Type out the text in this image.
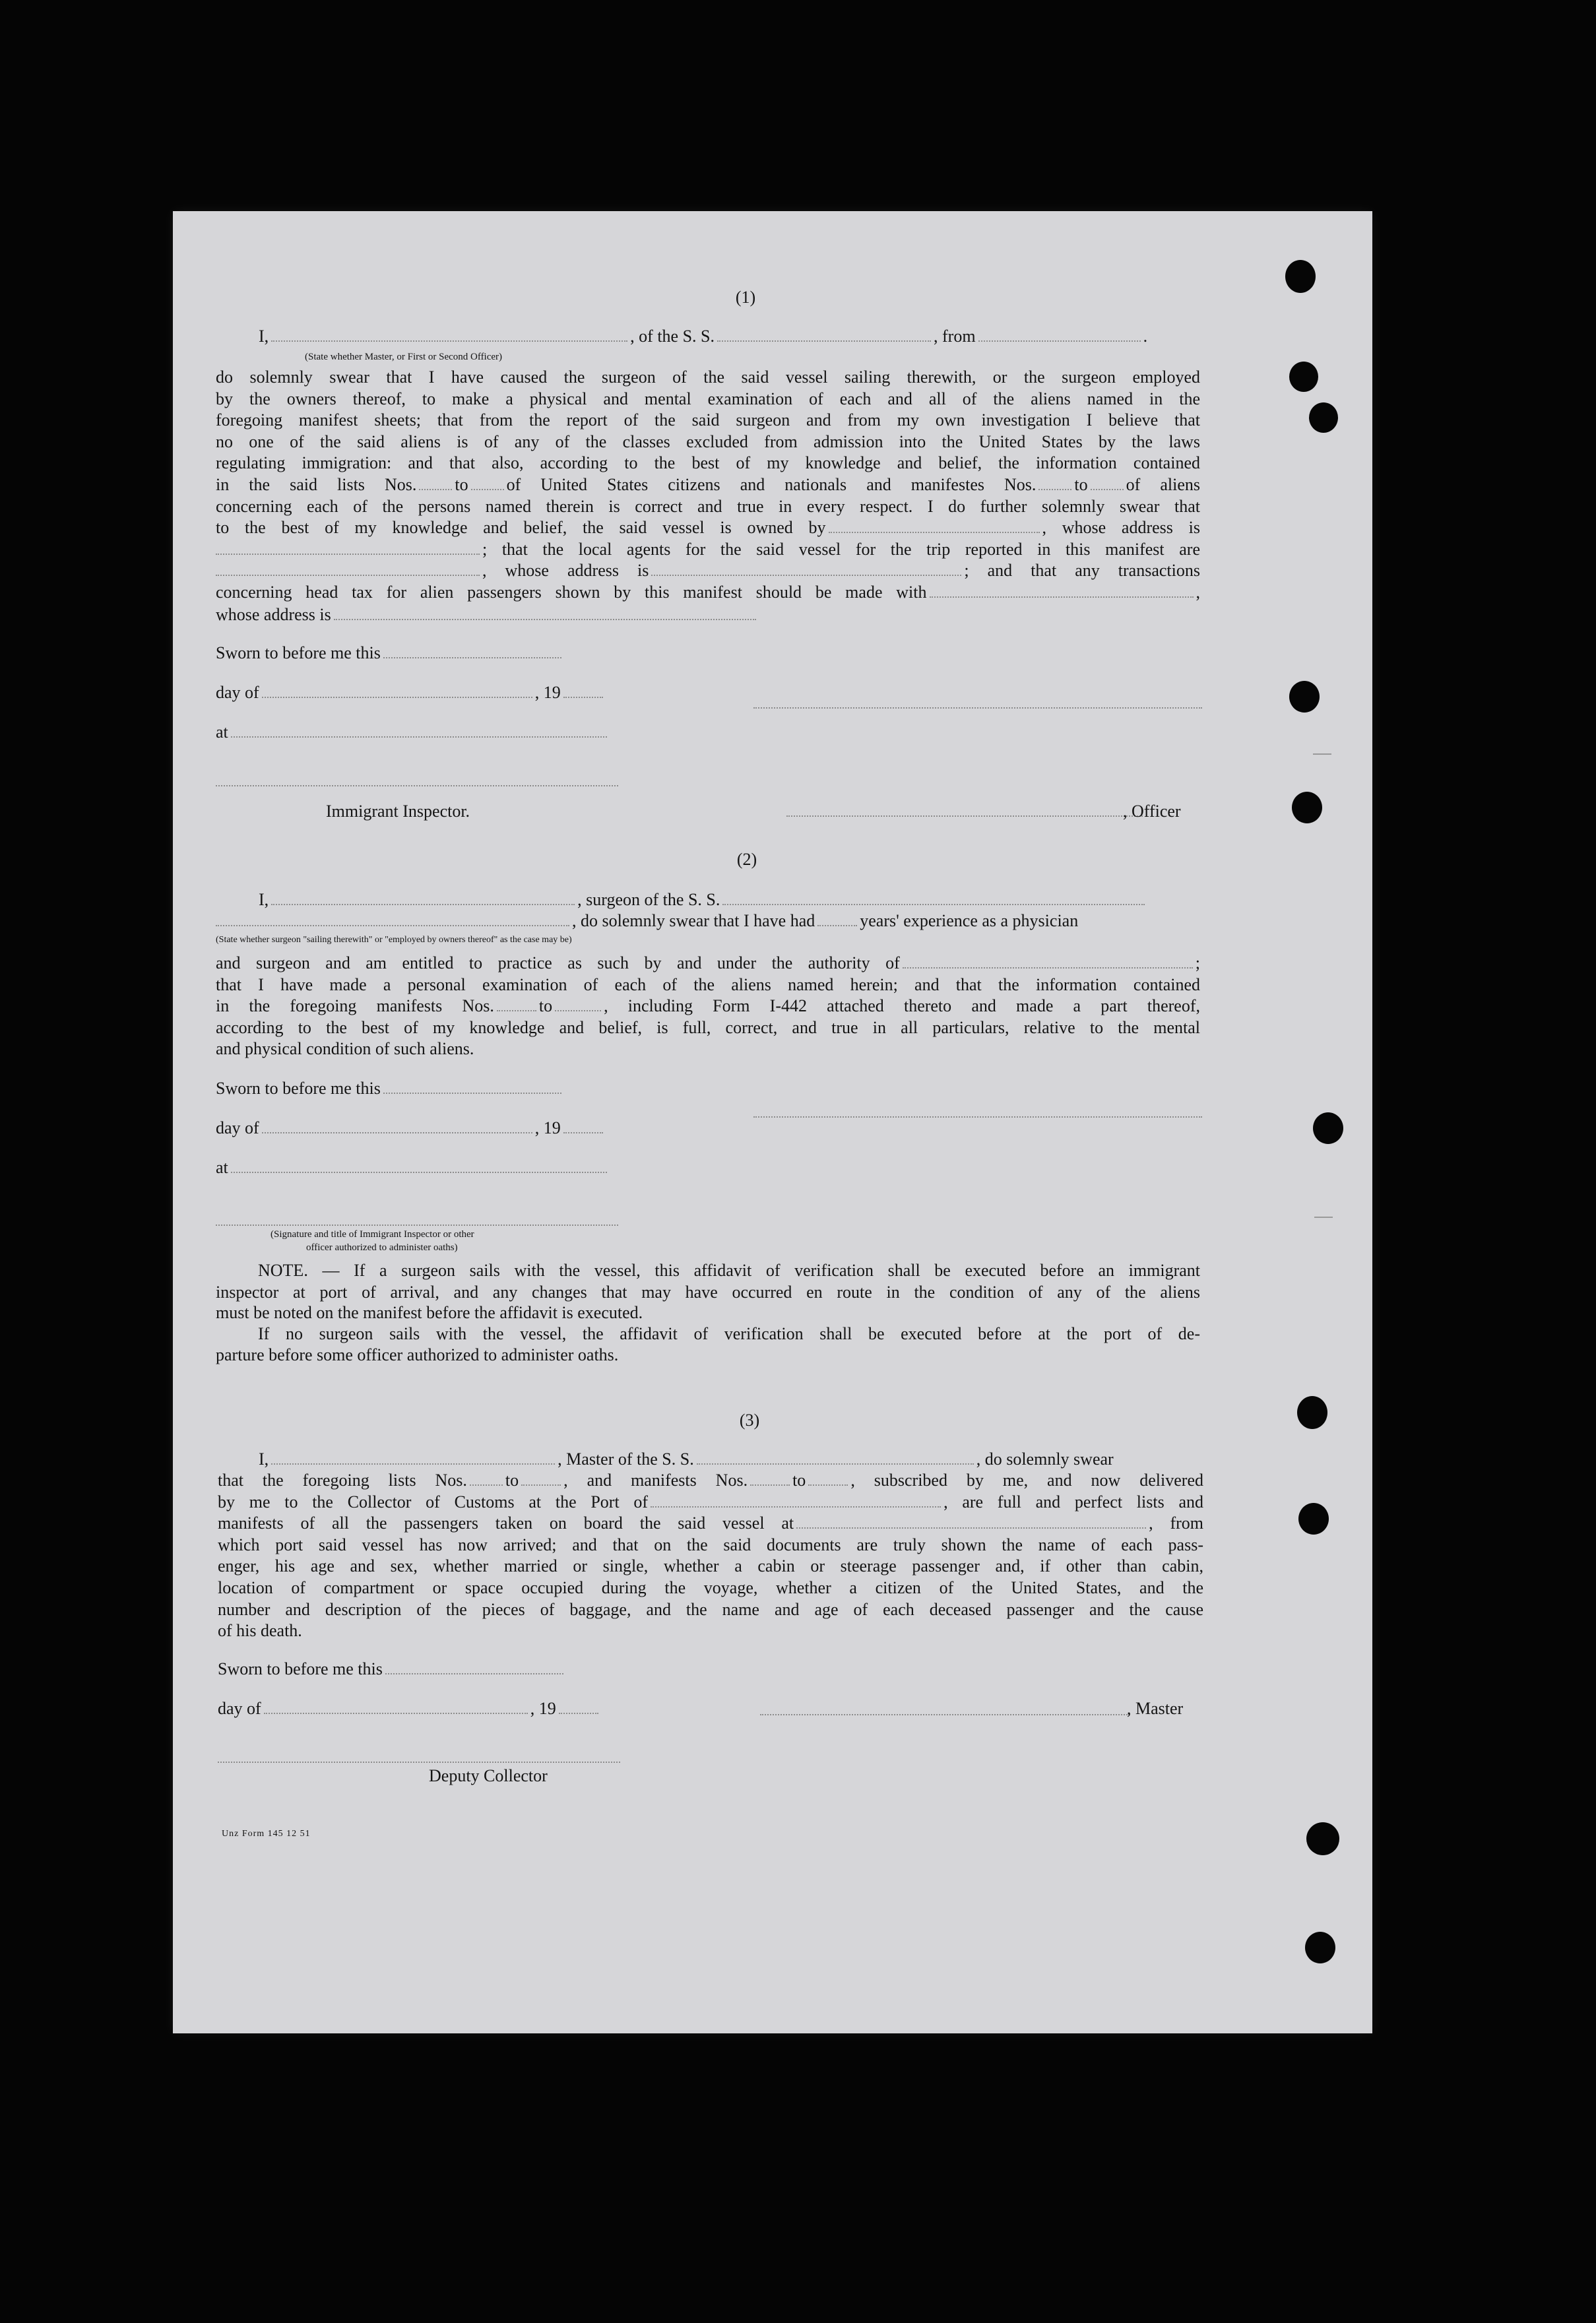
(1)
I,	, of the S. S.	, from	.
(State whether Master, or First or Second Officer)
do solemnly swear that I have caused the surgeon of the said vessel sailing therewith, or the surgeon employed
by the owners thereof, to make a physical and mental examination of each and all of the aliens named in the
foregoing manifest sheets; that from the report of the said surgeon and from my own investigation I believe that
no one of the said aliens is of any of the classes excluded from admission into the United States by the laws
regulating immigration: and that also, according to the best of my knowledge and belief, the information contained
in the said lists Nos. to of United States citizens and nationals and manifestes Nos. to of aliens
concerning each of the persons named therein is correct and true in every respect. I do further solemnly swear that
to the best of my knowledge and belief, the said vessel is owned by	, whose address is
; that the local agents for the said vessel for the trip reported in this manifest are
, whose address is	; and that any transactions
concerning head tax for alien passengers shown by this manifest should be made with	,
whose address is
Sworn to before me this
day of	, 19
at
Immigrant Inspector.	, Officer
(2)
I,	, surgeon of the S. S.
, do solemnly swear that I have had	years' experience as a physician
(State whether surgeon "sailing therewith" or "employed by owners thereof" as the case may be)
and surgeon and am entitled to practice as such by and under the authority of	;
that I have made a personal examination of each of the aliens named herein; and that the information contained
in the foregoing manifests Nos.	to	, including Form I-442 attached thereto and made a part thereof,
according to the best of my knowledge and belief, is full, correct, and true in all particulars, relative to the mental
and physical condition of such aliens.
Sworn to before me this
day of	, 19
at
(Signature and title of Immigrant Inspector or other
officer authorized to administer oaths)
NOTE. — If a surgeon sails with the vessel, this affidavit of verification shall be executed before an immigrant
inspector at port of arrival, and any changes that may have occurred en route in the condition of any of the aliens
must be noted on the manifest before the affidavit is executed.
If no surgeon sails with the vessel, the affidavit of verification shall be executed before at the port of de-
parture before some officer authorized to administer oaths.
(3)
I,	, Master of the S. S.	, do solemnly swear
that the foregoing lists Nos. to	, and manifests Nos.	to	, subscribed by me, and now delivered
by me to the Collector of Customs at the Port of	, are full and perfect lists and
manifests of all the passengers taken on board the said vessel at	, from
which port said vessel has now arrived; and that on the said documents are truly shown the name of each pass-
enger, his age and sex, whether married or single, whether a cabin or steerage passenger and, if other than cabin,
location of compartment or space occupied during the voyage, whether a citizen of the United States, and the
number and description of the pieces of baggage, and the name and age of each deceased passenger and the cause
of his death.
Sworn to before me this
day of	, 19	, Master
Deputy Collector
Unz Form 145 12 51
